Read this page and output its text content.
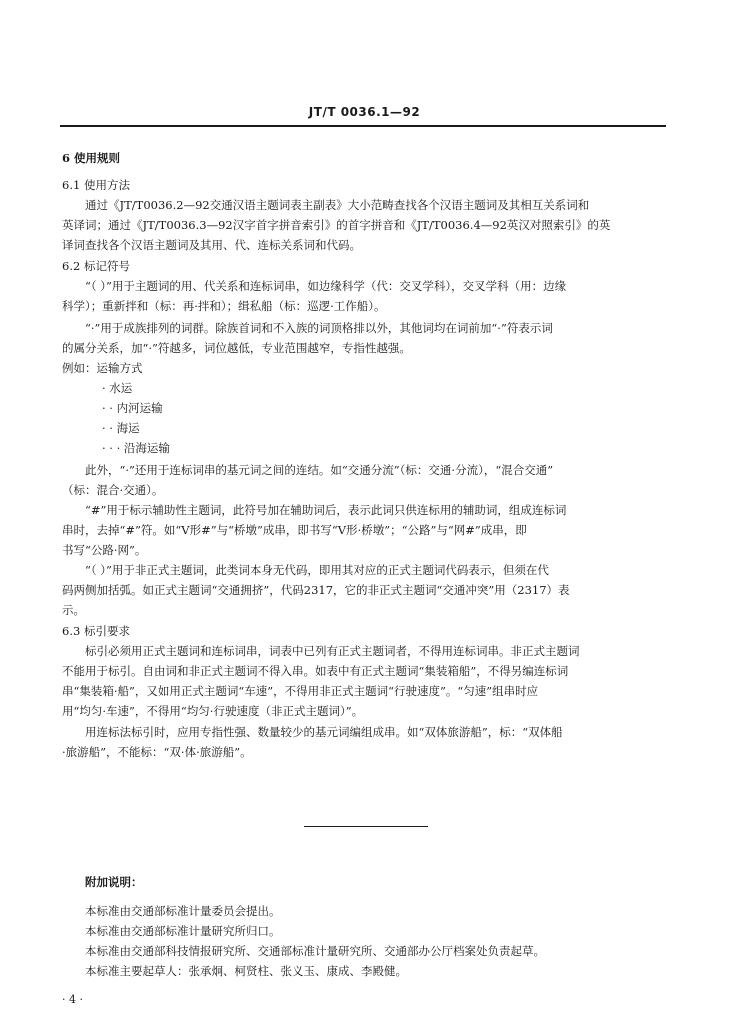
JT/T 0036.1—92
6 使用规则
6.1 使用方法
通过《JT/T0036.2—92交通汉语主题词表主副表》大小范畴查找各个汉语主题词及其相互关系词和
英译词；通过《JT/T0036.3—92汉字首字拼音索引》的首字拼音和《JT/T0036.4—92英汉对照索引》的英
译词查找各个汉语主题词及其用、代、连标关系词和代码。
6.2 标记符号
“（ ）”用于主题词的用、代关系和连标词串，如边缘科学（代：交叉学科），交叉学科（用：边缘
科学）；重新拌和（标：再·拌和）；缉私船（标：巡逻·工作船）。
“·”用于成族排列的词群。除族首词和不入族的词顶格排以外，其他词均在词前加“·”符表示词
的属分关系，加“·”符越多，词位越低，专业范围越窄，专指性越强。
例如：运输方式
· 水运
· · 内河运输
· · 海运
· · · 沿海运输
此外，“·”还用于连标词串的基元词之间的连结。如“交通分流”（标：交通·分流），“混合交通”
（标：混合·交通）。
“#”用于标示辅助性主题词，此符号加在辅助词后，表示此词只供连标用的辅助词，组成连标词
串时，去掉“#”符。如“V形#”与“桥墩”成串，即书写“V形·桥墩”；“公路”与“网#”成串，即
书写“公路·网”。
“（ ）”用于非正式主题词，此类词本身无代码，即用其对应的正式主题词代码表示，但须在代
码两侧加括弧。如正式主题词“交通拥挤”，代码2317，它的非正式主题词“交通冲突”用（2317）表
示。
6.3 标引要求
标引必须用正式主题词和连标词串，词表中已列有正式主题词者，不得用连标词串。非正式主题词
不能用于标引。自由词和非正式主题词不得入串。如表中有正式主题词“集装箱船”，不得另编连标词
串“集装箱·船”，又如用正式主题词“车速”，不得用非正式主题词“行驶速度”。“匀速”组串时应
用“均匀·车速”，不得用“均匀·行驶速度（非正式主题词）”。
用连标法标引时，应用专指性强、数量较少的基元词编组成串。如“双体旅游船”，标：“双体船
·旅游船”，不能标：“双·体·旅游船”。
附加说明：
本标准由交通部标准计量委员会提出。
本标准由交通部标准计量研究所归口。
本标准由交通部科技情报研究所、交通部标准计量研究所、交通部办公厅档案处负责起草。
本标准主要起草人：张承炯、柯贤柱、张义玉、康成、李殿健。
· 4 ·
